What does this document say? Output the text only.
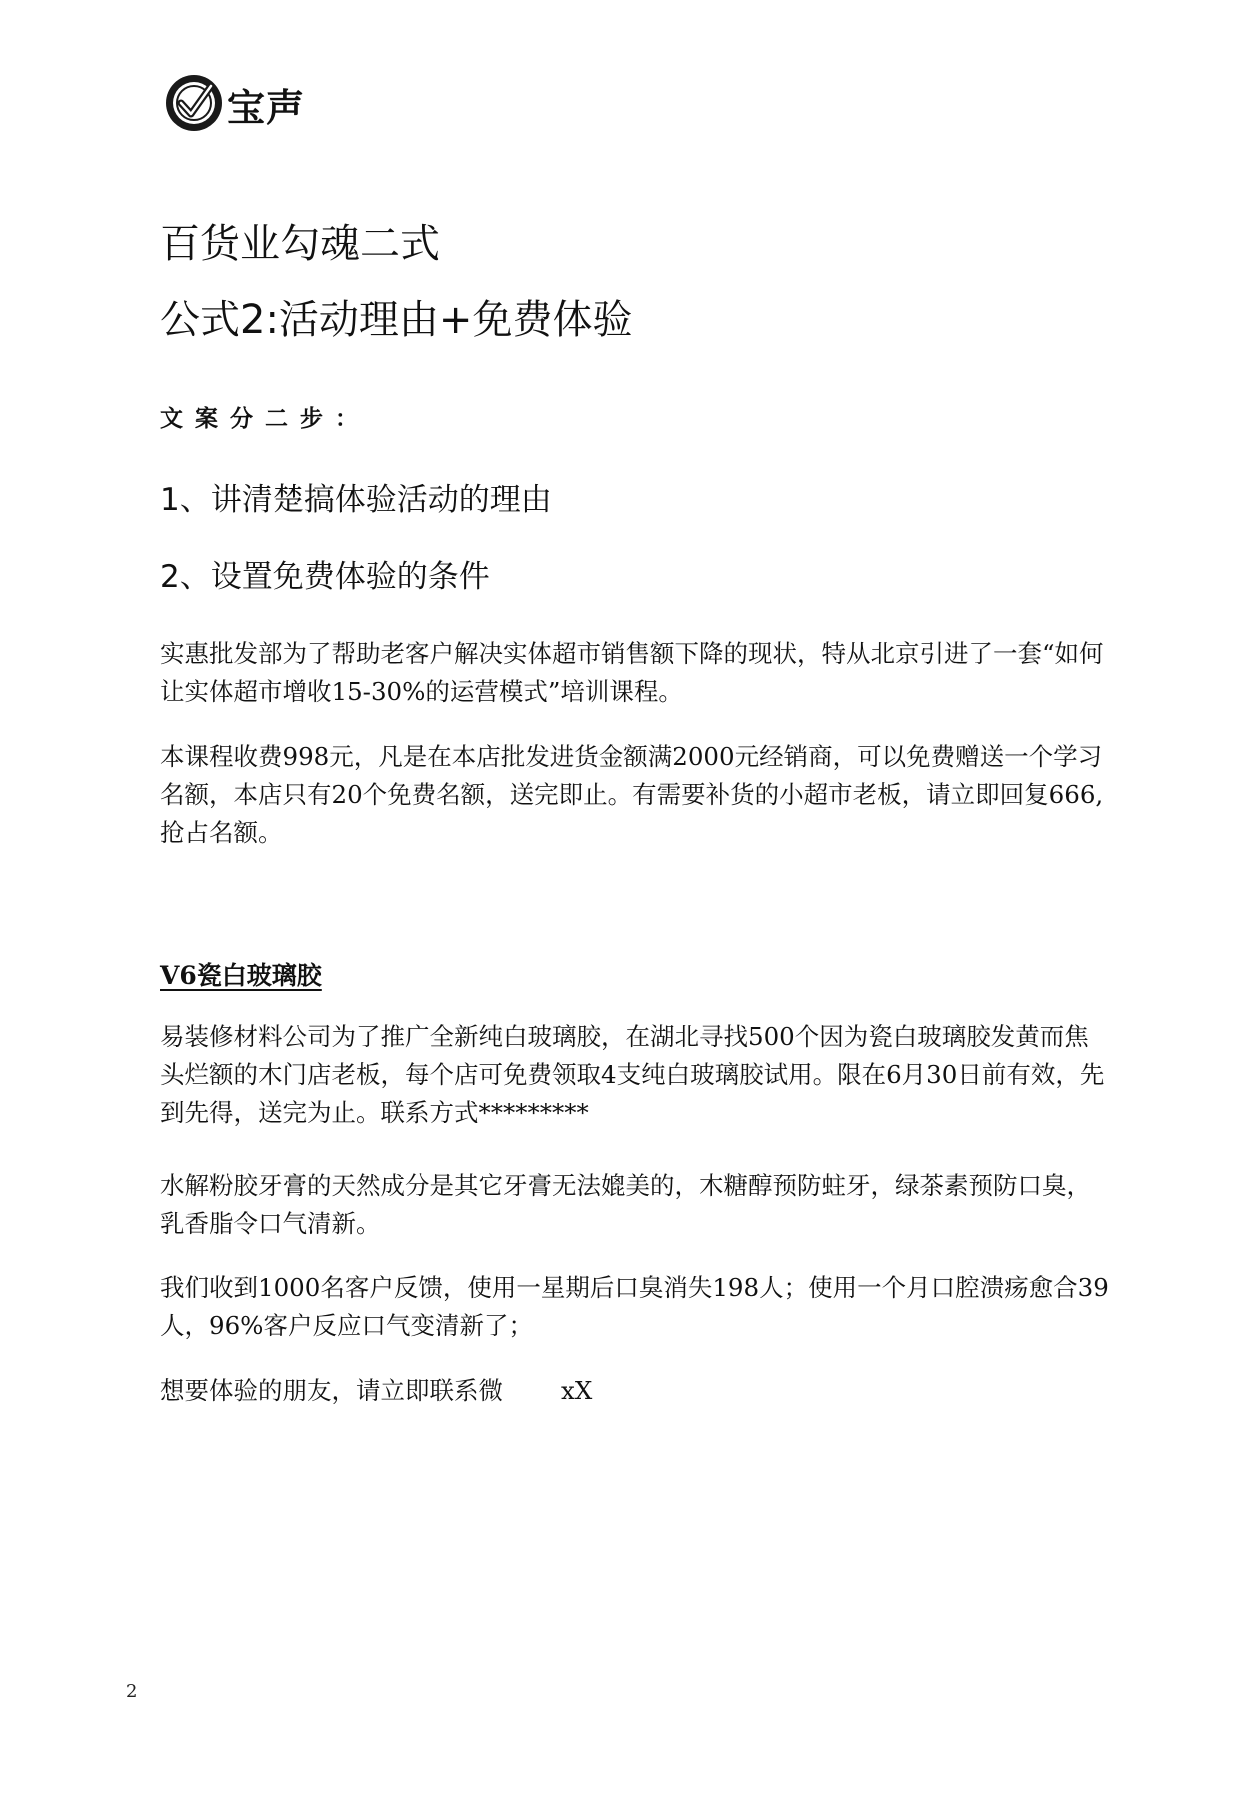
宝声
百货业勾魂二式
公式2:活动理由+免费体验
文案分二步：
1、讲清楚搞体验活动的理由
2、设置免费体验的条件

实惠批发部为了帮助老客户解决实体超市销售额下降的现状，特从北京引进了一套“如何让实体超市增收15-30%的运营模式”培训课程。

本课程收费998元，凡是在本店批发进货金额满2000元经销商，可以免费赠送一个学习名额，本店只有20个免费名额，送完即止。有需要补货的小超市老板，请立即回复666,抢占名额。

V6瓷白玻璃胶

易装修材料公司为了推广全新纯白玻璃胶，在湖北寻找500个因为瓷白玻璃胶发黄而焦头烂额的木门店老板，每个店可免费领取4支纯白玻璃胶试用。限在6月30日前有效，先到先得，送完为止。联系方式*********

水解粉胶牙膏的天然成分是其它牙膏无法媲美的，木糖醇预防蛀牙，绿茶素预防口臭，乳香脂令口气清新。

我们收到1000名客户反馈，使用一星期后口臭消失198人；使用一个月口腔溃疡愈合39人，96%客户反应口气变清新了；

想要体验的朋友，请立即联系微 xX

2
